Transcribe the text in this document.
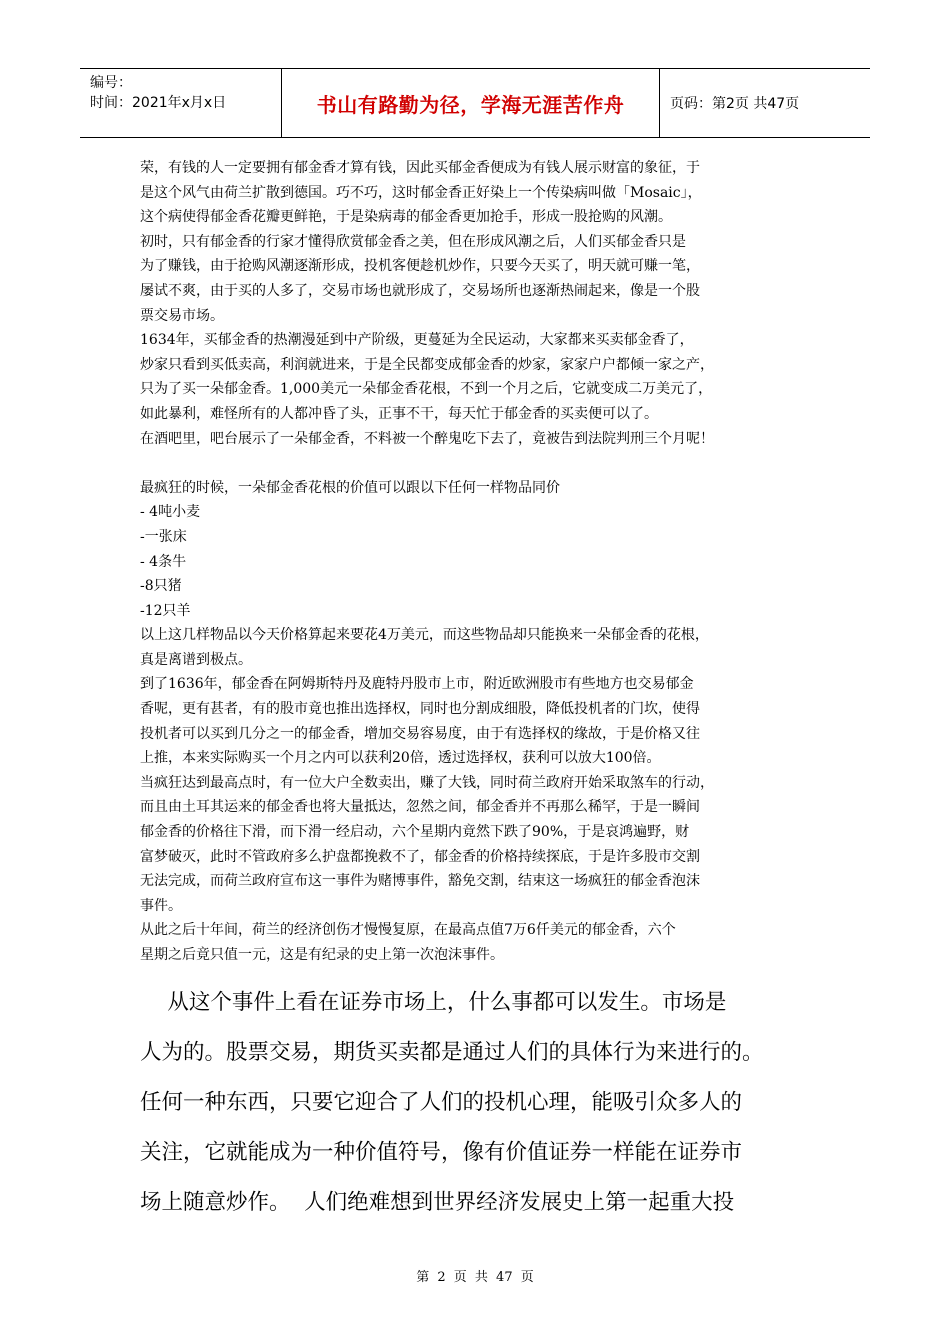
编号：
时间：2021年x月x日	书山有路勤为径，学海无涯苦作舟	页码：第2页 共47页

荣，有钱的人一定要拥有郁金香才算有钱，因此买郁金香便成为有钱人展示财富的象征，于

是这个风气由荷兰扩散到德国。巧不巧，这时郁金香正好染上一个传染病叫做「Mosaic」，

这个病使得郁金香花瓣更鲜艳，于是染病毒的郁金香更加抢手，形成一股抢购的风潮。

初时，只有郁金香的行家才懂得欣赏郁金香之美，但在形成风潮之后，人们买郁金香只是

为了赚钱，由于抢购风潮逐渐形成，投机客便趁机炒作，只要今天买了，明天就可赚一笔，

屡试不爽，由于买的人多了，交易市场也就形成了，交易场所也逐渐热闹起来，像是一个股

票交易市场。

1634年，买郁金香的热潮漫延到中产阶级，更蔓延为全民运动，大家都来买卖郁金香了，

炒家只看到买低卖高，利润就进来，于是全民都变成郁金香的炒家，家家户户都倾一家之产，

只为了买一朵郁金香。1,000美元一朵郁金香花根，不到一个月之后，它就变成二万美元了，

如此暴利，难怪所有的人都冲昏了头，正事不干，每天忙于郁金香的买卖便可以了。

在酒吧里，吧台展示了一朵郁金香，不料被一个醉鬼吃下去了，竟被告到法院判刑三个月呢！

最疯狂的时候，一朵郁金香花根的价值可以跟以下任何一样物品同价

- 4吨小麦

-一张床

- 4条牛

-8只猪

-12只羊

以上这几样物品以今天价格算起来要花4万美元，而这些物品却只能换来一朵郁金香的花根，

真是离谱到极点。

到了1636年，郁金香在阿姆斯特丹及鹿特丹股市上市，附近欧洲股市有些地方也交易郁金

香呢，更有甚者，有的股市竟也推出选择权，同时也分割成细股，降低投机者的门坎，使得

投机者可以买到几分之一的郁金香，增加交易容易度，由于有选择权的缘故，于是价格又往

上推，本来实际购买一个月之内可以获利20倍，透过选择权，获利可以放大100倍。

当疯狂达到最高点时，有一位大户全数卖出，赚了大钱，同时荷兰政府开始采取煞车的行动，

而且由土耳其运来的郁金香也将大量抵达，忽然之间，郁金香并不再那么稀罕，于是一瞬间

郁金香的价格往下滑，而下滑一经启动，六个星期内竟然下跌了90%，于是哀鸿遍野，财

富梦破灭，此时不管政府多么护盘都挽救不了，郁金香的价格持续探底，于是许多股市交割

无法完成，而荷兰政府宣布这一事件为赌博事件，豁免交割，结束这一场疯狂的郁金香泡沫

事件。

从此之后十年间，荷兰的经济创伤才慢慢复原，在最高点值7万6仟美元的郁金香，六个

星期之后竟只值一元，这是有纪录的史上第一次泡沫事件。

从这个事件上看在证券市场上，什么事都可以发生。市场是

人为的。股票交易，期货买卖都是通过人们的具体行为来进行的。

任何一种东西，只要它迎合了人们的投机心理，能吸引众多人的

关注，它就能成为一种价值符号，像有价值证券一样能在证券市

场上随意炒作。  人们绝难想到世界经济发展史上第一起重大投

第 2 页 共 47 页
